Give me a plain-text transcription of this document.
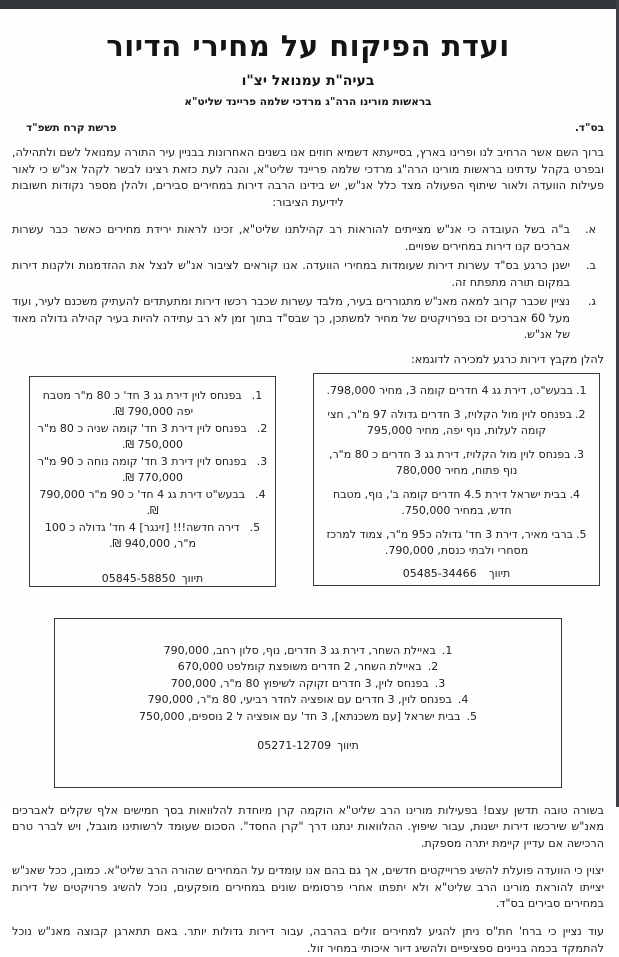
ועדת הפיקוח על מחירי הדיור
בעיה"ת עמנואל יצ"ו
בראשות מורינו הרה"ג מרדכי שלמה פריינד שליט"א
בס"ד.
פרשת קרח תשפ"ד

ברוך השם אשר הרחיב לנו ופרינו בארץ, בסייעתא דשמיא חוזים אנו בשנים האחרונות בבניין עיר התורה עמנואל לשם ולתהילה, ובפרט בקהל עדתינו בראשות מורינו הרה"ג מרדכי שלמה פריינד שליט"א, והנה לעת כזאת רצינו לבשר לקהל אנ"ש כי לאור פעילות הוועדה ולאור שיתוף הפעולה מצד כלל אנ"ש, יש בידינו הרבה דירות במחירים סבירים, ולהלן מספר נקודות חשובות לידיעת הציבור:

א.
ב"ה בשל העובדה כי אנ"ש מצייתים להוראות רב קהילתנו שליט"א, זכינו לראות ירידת מחירים כאשר כבר עשרות אברכים קנו דירות במחירים שפויים.
ב.
ישנן כרגע בס"ד עשרות דירות שעומדות במחירי הוועדה. אנו קוראים לציבור אנ"ש לנצל את ההזדמנות ולקנות דירות במקום תורה מתפתח זה.
ג.
נציין שכבר קרוב למאה מאנ"ש מתגוררים בעיר, מלבד עשרות שכבר רכשו דירות ומתעתדים להעתיק משכנם לעיר, ועוד מעל 60 אברכים זכו בפרויקטים של מחיר למשתכן, כך שבס"ד בתוך זמן לא רב עתידה להיות בעיר קהילה גדולה מאוד של אנ"ש.
להלן מקבץ דירות כרגע למכירה לדוגמא:
1.בבעש"ט, דירת גג 4 חדרים קומה 3, מחיר 798,000.
2.בפנחס לוין מול הקלויז, 3 חדרים גדולה 97 מ"ר, חצי קומה לעלות, נוף יפה, מחיר 795,000
3.בפנחס לוין מול הקלויז, דירת גג 3 חדרים כ 80 מ"ר, נוף פתוח, מחיר 780,000
4.בבית ישראל דירת 4.5 חדרים קומה ב', נוף, מטבח חדש, במחיר 750,000.
5.ברבי מאיר, דירת 3 חד' גדולה כ95 מ"ר, צמוד למרכז מסחרי ולבתי כנסת, 790,000.
תיווך05485-34466
1.בפנחס לוין דירת גג 3 חד' כ 80 מ"ר מטבח יפה 790,000 ₪.
2.בפנחס לוין דירת 3 חד' קומה שניה כ 80 מ"ר 750,000 ₪.
3.בפנחס לוין דירת 3 חד' קומה נוחה כ 90 מ"ר 770,000 ₪.
4.בבעש"ט דירת גג 4 חד' כ 90 מ"ר 790,000 ₪.
5.דירה חדשה!!! [זינגר] 4 חד' גדולה כ 100 מ"ר, 940,000 ₪.
תיווך05845-58850
1.באיילת השחר, דירת גג 3 חדרים, נוף, סלון רחב, 790,000
2.באיילת השחר, 2 חדרים משופצת קומלפט 670,000
3.בפנחס לוין, 3 חדרים זקוקה לשיפוץ 80 מ"ר, 700,000
4.בפנחס לוין, 3 חדרים עם אופציה לחדר רביעי, 80 מ"ר, 790,000
5.בבית ישראל [עם משכנתא], 3 חד' עם אופציה ל 2 נוספים, 750,000
תיווך05271-12709

בשורה טובה תדשן עצם! בפעילות מורינו הרב שליט"א הוקמה קרן מיוחדת להלוואות בסך חמישים אלף שקלים לאברכים מאנ"ש שירכשו דירות ישנות, עבור שיפוץ. ההלוואות ינתנו דרך "קרן החסד". הסכום שעומד לרשותינו מוגבל, ויש לברר טרם הרכישה אם עדיין קיימת יתרה מספקת.

יצוין כי הוועדה פועלת להשיג פרוייקטים חדשים, אך גם בהם אנו עומדים על המחירים שהורה הרב שליט"א. כמובן, ככל שאנ"ש יצייתו להוראת מורינו הרב שליט"א ולא יתפתו אחרי פרסומים שונים במחירים מופקעים, נוכל להשיג פרויקטים של דירות במחירים סבירים בס"ד.

עוד נציין כי ברח' חת"ס ניתן להגיע למחירים זולים בהרבה, עבור דירות גדולות יותר. באם תתארגן קבוצה מאנ"ש נוכל להתמקד בכמה בניינים ספציפיים ולהשיג דיור איכותי במחיר זול.
